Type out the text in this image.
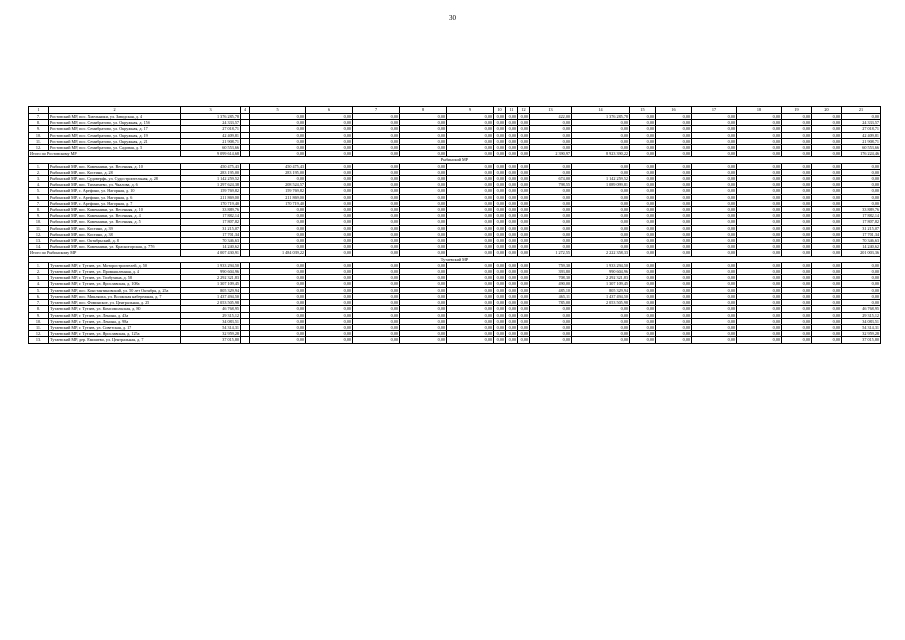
30
1	2	3	4	5	6	7	8	9	10	11	12	13	14	15	16	17	18	19	20	21
7.	Ростовский МР, пос. Хмельники, ул. Заводская, д. 4	1 376 285,78		0,00	0,00	0,00	0,00	0,00	0,00	0,00	0,00	422,00	1 376 285,78	0,00	0,00	0,00	0,00	0,00	0,00	0,00
8.	Ростовский МР, пос. Семибратово, ул. Окружная, д. 15б	24 333,57		0,00	0,00	0,00	0,00	0,00	0,00	0,00	0,00	0,00	0,00	0,00	0,00	0,00	0,00	0,00	0,00	24 333,57
9.	Ростовский МР, пос. Семибратово, ул. Окружная, д. 17	27 018,71		0,00	0,00	0,00	0,00	0,00	0,00	0,00	0,00	0,00	0,00	0,00	0,00	0,00	0,00	0,00	0,00	27 018,71
10.	Ростовский МР, пос. Семибратово, ул. Окружная, д. 19	42 409,81		0,00	0,00	0,00	0,00	0,00	0,00	0,00	0,00	0,00	0,00	0,00	0,00	0,00	0,00	0,00	0,00	42 409,81
11.	Ростовский МР, пос. Семибратово, ул. Окружная, д. 21	21 908,71		0,00	0,00	0,00	0,00	0,00	0,00	0,00	0,00	0,00	0,00	0,00	0,00	0,00	0,00	0,00	0,00	21 908,71
12.	Ростовский МР, пос. Семибратово, ул. Садовая, д. 5	60 553,66		0,00	0,00	0,00	0,00	0,00	0,00	0,00	0,00	0,00	0,00	0,00	0,00	0,00	0,00	0,00	0,00	60 553,66
Итого по Ростовскому МР		9 099 614,68		0,00	0,00	0,00	0,00	0,00	0,00	0,00	0,00	2 390,97	8 923 390,22	0,00	0,00	0,00	0,00	0,00	0,00	176 224,46
Рыбинский МР																				
1.	Рыбинский МР, пос. Каменники, ул. Весенняя, д. 10	450 475,43		450 475,43	0,00	0,00	0,00	0,00	0,00	0,00	0,00	0,00	0,00	0,00	0,00	0,00	0,00	0,00	0,00	0,00
2.	Рыбинский МР, пос. Костино, д. 28	283 195,00		283 195,00	0,00	0,00	0,00	0,00	0,00	0,00	0,00	0,00	0,00	0,00	0,00	0,00	0,00	0,00	0,00	0,00
3.	Рыбинский МР, пос. Судоверфь, ул. Судостроительная, д. 28	1 142 259,52		0,00	0,00	0,00	0,00	0,00	0,00	0,00	0,00	674,00	1 142 259,52	0,00	0,00	0,00	0,00	0,00	0,00	0,00
4.	Рыбинский МР, пос. Тихменево, ул. Чкалова, д. 6	1 297 624,38		208 524,57	0,00	0,00	0,00	0,00	0,00	0,00	0,00	798,55	1 089 099,81	0,00	0,00	0,00	0,00	0,00	0,00	0,00
5.	Рыбинский МР, с. Арефино, ул. Нагорная, д. 10	159 769,82		159 769,82	0,00	0,00	0,00	0,00	0,00	0,00	0,00	0,00	0,00	0,00	0,00	0,00	0,00	0,00	0,00	0,00
6.	Рыбинский МР, с. Арефино, ул. Нагорная, д. 6	211 869,00		211 869,00	0,00	0,00	0,00	0,00	0,00	0,00	0,00	0,00	0,00	0,00	0,00	0,00	0,00	0,00	0,00	0,00
7.	Рыбинский МР, с. Арефино, ул. Нагорная, д. 7	170 719,40		170 719,40	0,00	0,00	0,00	0,00	0,00	0,00	0,00	0,00	0,00	0,00	0,00	0,00	0,00	0,00	0,00	0,00
8.	Рыбинский МР, пос. Каменники, ул. Весенняя, д. 10	33 889,76		0,00	0,00	0,00	0,00	0,00	0,00	0,00	0,00	0,00	0,00	0,00	0,00	0,00	0,00	0,00	0,00	33 889,76
9.	Рыбинский МР, пос. Каменники, ул. Весенняя, д. 4	17 882,14		0,00	0,00	0,00	0,00	0,00	0,00	0,00	0,00	0,00	0,00	0,00	0,00	0,00	0,00	0,00	0,00	17 882,14
10.	Рыбинский МР, пос. Каменники, ул. Весенняя, д. 5	17 807,82		0,00	0,00	0,00	0,00	0,00	0,00	0,00	0,00	0,00	0,00	0,00	0,00	0,00	0,00	0,00	0,00	17 807,82
11.	Рыбинский МР, пос. Костино, д. 39	31 215,07		0,00	0,00	0,00	0,00	0,00	0,00	0,00	0,00	0,00	0,00	0,00	0,00	0,00	0,00	0,00	0,00	31 215,07
12.	Рыбинский МР, пос. Костино, д. 38	17 701,34		0,00	0,00	0,00	0,00	0,00	0,00	0,00	0,00	0,00	0,00	0,00	0,00	0,00	0,00	0,00	0,00	17 701,34
13.	Рыбинский МР, пос. Октябрьский, д. 8	70 346,63		0,00	0,00	0,00	0,00	0,00	0,00	0,00	0,00	0,00	0,00	0,00	0,00	0,00	0,00	0,00	0,00	70 346,63
14.	Рыбинский МР, пос. Каменники, ул. Красногорская, д. 77б	14 240,62		0,00	0,00	0,00	0,00	0,00	0,00	0,00	0,00	0,00	0,00	0,00	0,00	0,00	0,00	0,00	0,00	14 240,62
Итого по Рыбинскому МР		4 007 430,91		1 484 039,22	0,00	0,00	0,00	0,00	0,00	0,00	0,00	1 272,55	2 222 358,33	0,00	0,00	0,00	0,00	0,00	0,00	201 003,36
Тутаевский МР																				
1.	Тутаевский МР, г. Тутаев, ул. Моторостроителей, д. 50	1 933 294,50		0,00	0,00	0,00	0,00	0,00	0,00	0,00	0,00	759,30	1 933 294,50	0,00	0,00	0,00	0,00	0,00	0,00	0,00
2.	Тутаевский МР, г. Тутаев, ул. Промышленная, д. 4	990 604,96		0,00	0,00	0,00	0,00	0,00	0,00	0,00	0,00	393,80	990 604,96	0,00	0,00	0,00	0,00	0,00	0,00	0,00
3.	Тутаевский МР, г. Тутаев, ул. Толбухина, д. 58	2 292 321,83		0,00	0,00	0,00	0,00	0,00	0,00	0,00	0,00	708,30	2 292 321,83	0,00	0,00	0,00	0,00	0,00	0,00	0,00
4.	Тутаевский МР, г. Тутаев, ул. Ярославская, д. 108а	1 307 109,45		0,00	0,00	0,00	0,00	0,00	0,00	0,00	0,00	490,00	1 307 109,45	0,00	0,00	0,00	0,00	0,00	0,00	0,00
5.	Тутаевский МР, пос. Константиновский, ул. 50 лет Октября, д. 25а	805 329,94		0,00	0,00	0,00	0,00	0,00	0,00	0,00	0,00	485,10	805 329,94	0,00	0,00	0,00	0,00	0,00	0,00	0,00
6.	Тутаевский МР, пос. Микляиха, ул. Волжская набережная, д. 7	1 437 494,50		0,00	0,00	0,00	0,00	0,00	0,00	0,00	0,00	465,11	1 437 494,50	0,00	0,00	0,00	0,00	0,00	0,00	0,00
7.	Тутаевский МР, пос. Фоминское, ул. Центральная, д. 25	2 053 505,98		0,00	0,00	0,00	0,00	0,00	0,00	0,00	0,00	785,00	2 053 505,98	0,00	0,00	0,00	0,00	0,00	0,00	0,00
8.	Тутаевский МР, г. Тутаев, ул. Комсомольская, д. 80	46 768,95		0,00	0,00	0,00	0,00	0,00	0,00	0,00	0,00	0,00	0,00	0,00	0,00	0,00	0,00	0,00	0,00	46 768,95
9.	Тутаевский МР, г. Тутаев, ул. Ленина, д. 43а	29 315,12		0,00	0,00	0,00	0,00	0,00	0,00	0,00	0,00	0,00	0,00	0,00	0,00	0,00	0,00	0,00	0,00	29 315,12
10.	Тутаевский МР, г. Тутаев, ул. Ленина, д. 98а	34 083,51		0,00	0,00	0,00	0,00	0,00	0,00	0,00	0,00	0,00	0,00	0,00	0,00	0,00	0,00	0,00	0,00	34 083,51
11.	Тутаевский МР, г. Тутаев, ул. Советская, д. 17	54 314,31		0,00	0,00	0,00	0,00	0,00	0,00	0,00	0,00	0,00	0,00	0,00	0,00	0,00	0,00	0,00	0,00	54 314,31
12.	Тутаевский МР, г. Тутаев, ул. Ярославская, д. 125а	32 959,28		0,00	0,00	0,00	0,00	0,00	0,00	0,00	0,00	0,00	0,00	0,00	0,00	0,00	0,00	0,00	0,00	32 959,28
13.	Тутаевский МР, дер. Емишево, ул. Центральная, д. 7	37 015,80		0,00	0,00	0,00	0,00	0,00	0,00	0,00	0,00	0,00	0,00	0,00	0,00	0,00	0,00	0,00	0,00	37 015,80
